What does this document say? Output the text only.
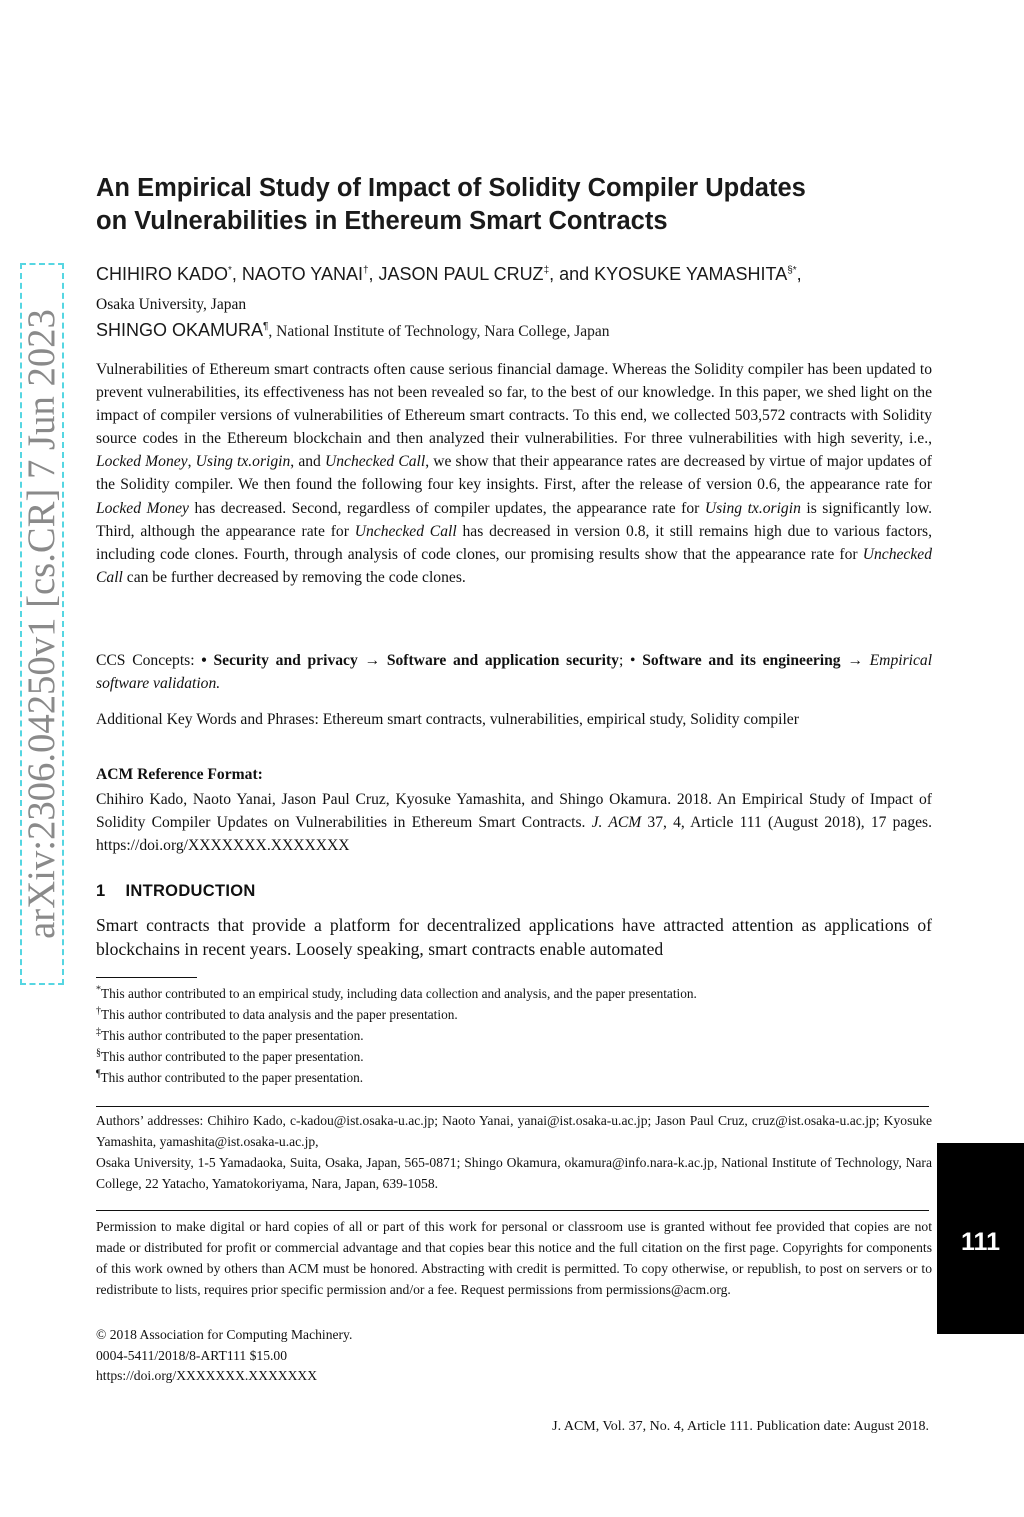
arXiv:2306.04250v1 [cs.CR] 7 Jun 2023
An Empirical Study of Impact of Solidity Compiler Updates
on Vulnerabilities in Ethereum Smart Contracts
CHIHIRO KADO*, NAOTO YANAI†, JASON PAUL CRUZ‡, and KYOSUKE YAMASHITA§*,
Osaka University, Japan
SHINGO OKAMURA¶, National Institute of Technology, Nara College, Japan

Vulnerabilities of Ethereum smart contracts often cause serious financial damage. Whereas the Solidity compiler has been updated to prevent vulnerabilities, its effectiveness has not been revealed so far, to the best of our knowledge. In this paper, we shed light on the impact of compiler versions of vulnerabilities of Ethereum smart contracts. To this end, we collected 503,572 contracts with Solidity source codes in the Ethereum blockchain and then analyzed their vulnerabilities. For three vulnerabilities with high severity, i.e., Locked Money, Using tx.origin, and Unchecked Call, we show that their appearance rates are decreased by virtue of major updates of the Solidity compiler. We then found the following four key insights. First, after the release of version 0.6, the appearance rate for Locked Money has decreased. Second, regardless of compiler updates, the appearance rate for Using tx.origin is significantly low. Third, although the appearance rate for Unchecked Call has decreased in version 0.8, it still remains high due to various factors, including code clones. Fourth, through analysis of code clones, our promising results show that the appearance rate for Unchecked Call can be further decreased by removing the code clones.

CCS Concepts: • Security and privacy → Software and application security; • Software and its engineering → Empirical software validation.

Additional Key Words and Phrases: Ethereum smart contracts, vulnerabilities, empirical study, Solidity compiler

ACM Reference Format:

Chihiro Kado, Naoto Yanai, Jason Paul Cruz, Kyosuke Yamashita, and Shingo Okamura. 2018. An Empirical Study of Impact of Solidity Compiler Updates on Vulnerabilities in Ethereum Smart Contracts. J. ACM 37, 4, Article 111 (August 2018), 17 pages. https://doi.org/XXXXXXX.XXXXXXX

1 INTRODUCTION

Smart contracts that provide a platform for decentralized applications have attracted attention as applications of blockchains in recent years. Loosely speaking, smart contracts enable automated

*This author contributed to an empirical study, including data collection and analysis, and the paper presentation.
†This author contributed to data analysis and the paper presentation.
‡This author contributed to the paper presentation.
§This author contributed to the paper presentation.
¶This author contributed to the paper presentation.

Authors’ addresses: Chihiro Kado, c-kadou@ist.osaka-u.ac.jp; Naoto Yanai, yanai@ist.osaka-u.ac.jp; Jason Paul Cruz, cruz@ist.osaka-u.ac.jp; Kyosuke Yamashita, yamashita@ist.osaka-u.ac.jp,

Osaka University, 1-5 Yamadaoka, Suita, Osaka, Japan, 565-0871; Shingo Okamura, okamura@info.nara-k.ac.jp, National Institute of Technology, Nara College, 22 Yatacho, Yamatokoriyama, Nara, Japan, 639-1058.

Permission to make digital or hard copies of all or part of this work for personal or classroom use is granted without fee provided that copies are not made or distributed for profit or commercial advantage and that copies bear this notice and the full citation on the first page. Copyrights for components of this work owned by others than ACM must be honored. Abstracting with credit is permitted. To copy otherwise, or republish, to post on servers or to redistribute to lists, requires prior specific permission and/or a fee. Request permissions from permissions@acm.org.

© 2018 Association for Computing Machinery.
0004-5411/2018/8-ART111 $15.00
https://doi.org/XXXXXXX.XXXXXXX
J. ACM, Vol. 37, No. 4, Article 111. Publication date: August 2018.
111
